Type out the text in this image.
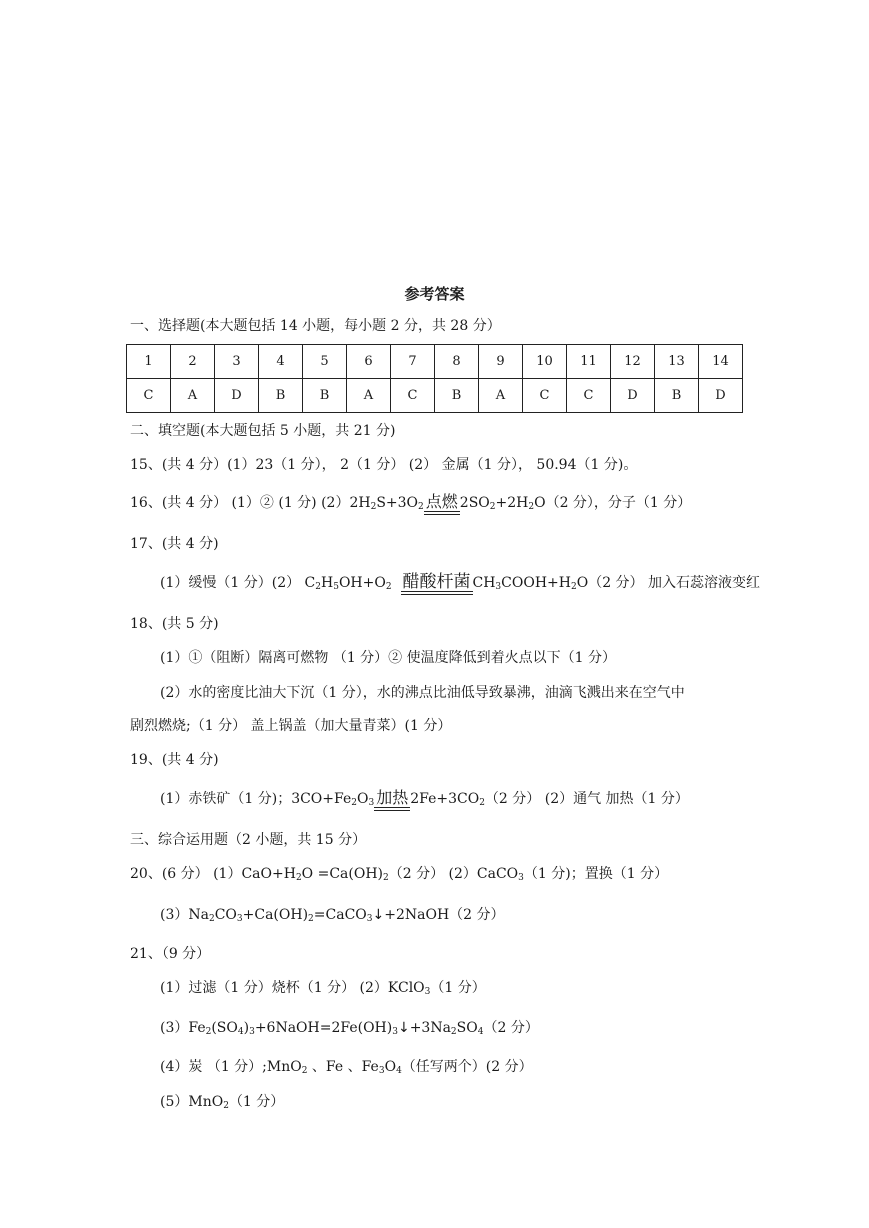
参考答案
一、选择题(本大题包括 14 小题，每小题 2 分，共 28 分）
1	2	3	4	5	6	7	8	9	10	11	12	13	14
C	A	D	B	B	A	C	B	A	C	C	D	B	D
二、填空题(本大题包括 5 小题，共 21 分)
15、(共 4 分）(1）23（1 分）， 2（1 分） (2） 金属（1 分）， 50.94（1 分)。
16、(共 4 分） (1）② (1 分) $(2)2H_2S+3O_2$ 点燃 $2SO_2+2H_2O(2$ 分），分子（1 分）
17、(共 4 分)
(1）缓慢（1 分）(2） $C_2H_5OH+O_2$ 醋酸杆菌 $CH_3COOH+H_2O(2$ 分） 加入石蕊溶液变红
18、(共 5 分)
(1）①（阻断）隔离可燃物 （1 分）② 使温度降低到着火点以下（1 分）
(2）水的密度比油大下沉（1 分），水的沸点比油低导致暴沸，油滴飞溅出来在空气中
剧烈燃烧;（1 分） 盖上锅盖（加大量青菜）(1 分）
19、(共 4 分)
(1）赤铁矿（1 分)；$3CO+Fe_2O_3$ 加热 $2Fe+3CO_2(2$ 分） (2）通气 加热（1 分）
三、综合运用题（2 小题，共 15 分）
20、(6 分） $(1)CaO+H_2O =Ca(OH)_2(2$ 分） (2）CaCO$_3$（1 分)；置换（1 分）
$(3)Na_2CO_3+Ca(OH)_2=CaCO_3↓+2NaOH(2$ 分）
21、（9 分）
(1）过滤（1 分）烧杯（1 分） (2）KClO$_3$（1 分）
$(3)Fe_2(SO_4)_3+6NaOH=2Fe(OH)_3↓+3Na_2SO_4(2$ 分）
(4）炭 （1 分）;MnO$_2$ 、Fe 、$Fe_3O_4$（任写两个）(2 分）
(5）MnO$_2$（1 分）
